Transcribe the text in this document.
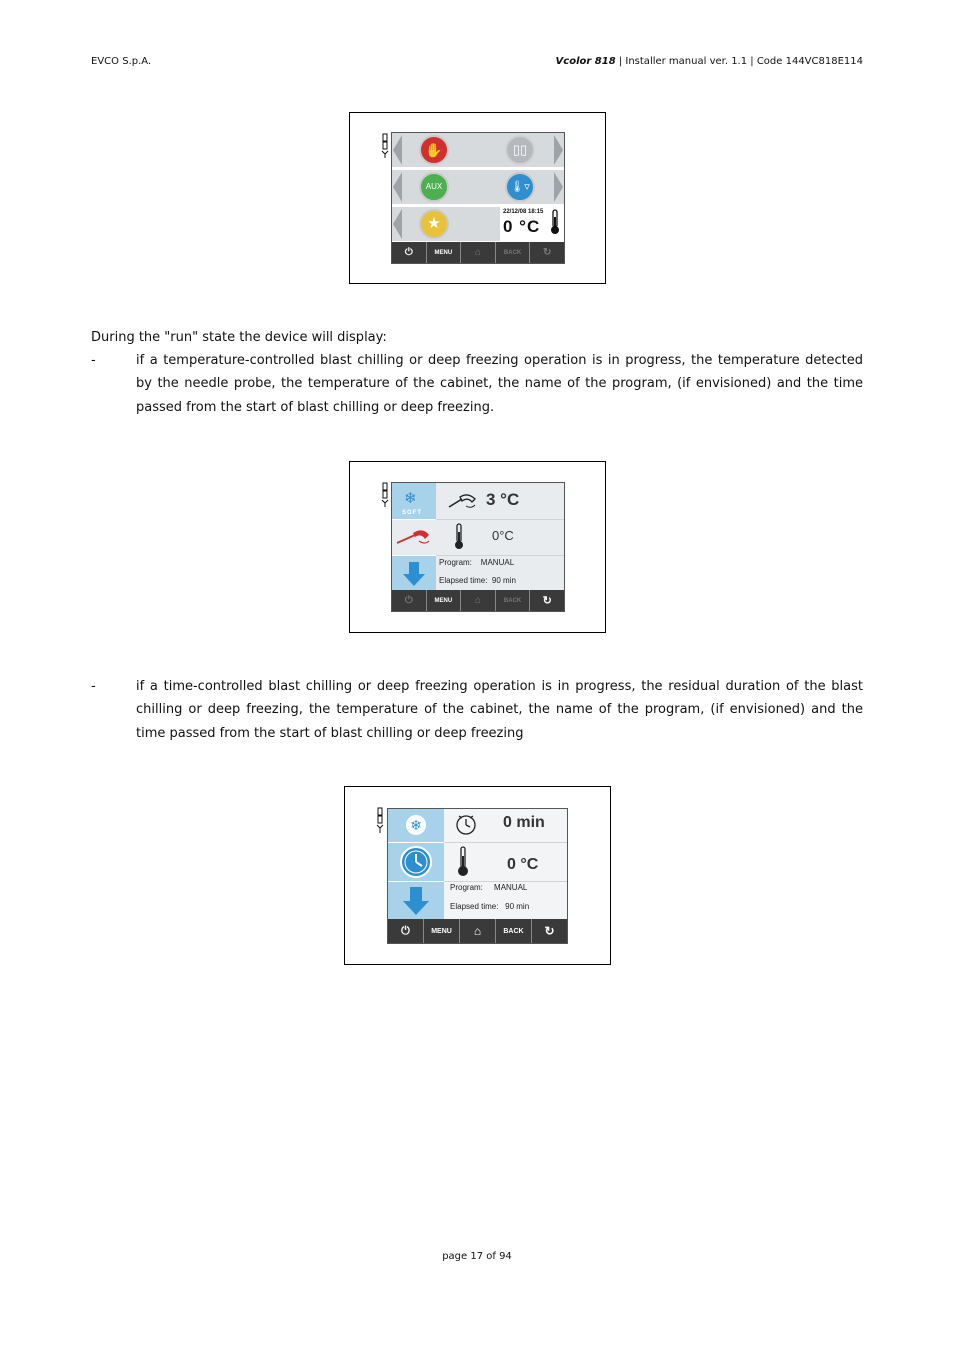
EVCO S.p.A.	Vcolor 818 | Installer manual ver. 1.1 | Code 144VC818E114
✋	▯▯
AUX	🌡▿
★
22/12/08 18:15
0 °C
⏻	MENU	⌂	BACK	↻
During the "run" state the device will display:
-	if a temperature-controlled blast chilling or deep freezing operation is in progress, the temperature detected by the needle probe, the temperature of the cabinet, the name of the program, (if envisioned) and the time passed from the start of blast chilling or deep freezing.
❄
SOFT
3 °C
0°C
Program: MANUAL
Elapsed time: 90 min
⏻	MENU	⌂	BACK	↻
-	if a time-controlled blast chilling or deep freezing operation is in progress, the residual duration of the blast chilling or deep freezing, the temperature of the cabinet, the name of the program, (if envisioned) and the time passed from the start of blast chilling or deep freezing
⏻	MENU	⌂	BACK	↻
❄	0 min
0 °C
Program: MANUAL
Elapsed time: 90 min
page 17 of 94
